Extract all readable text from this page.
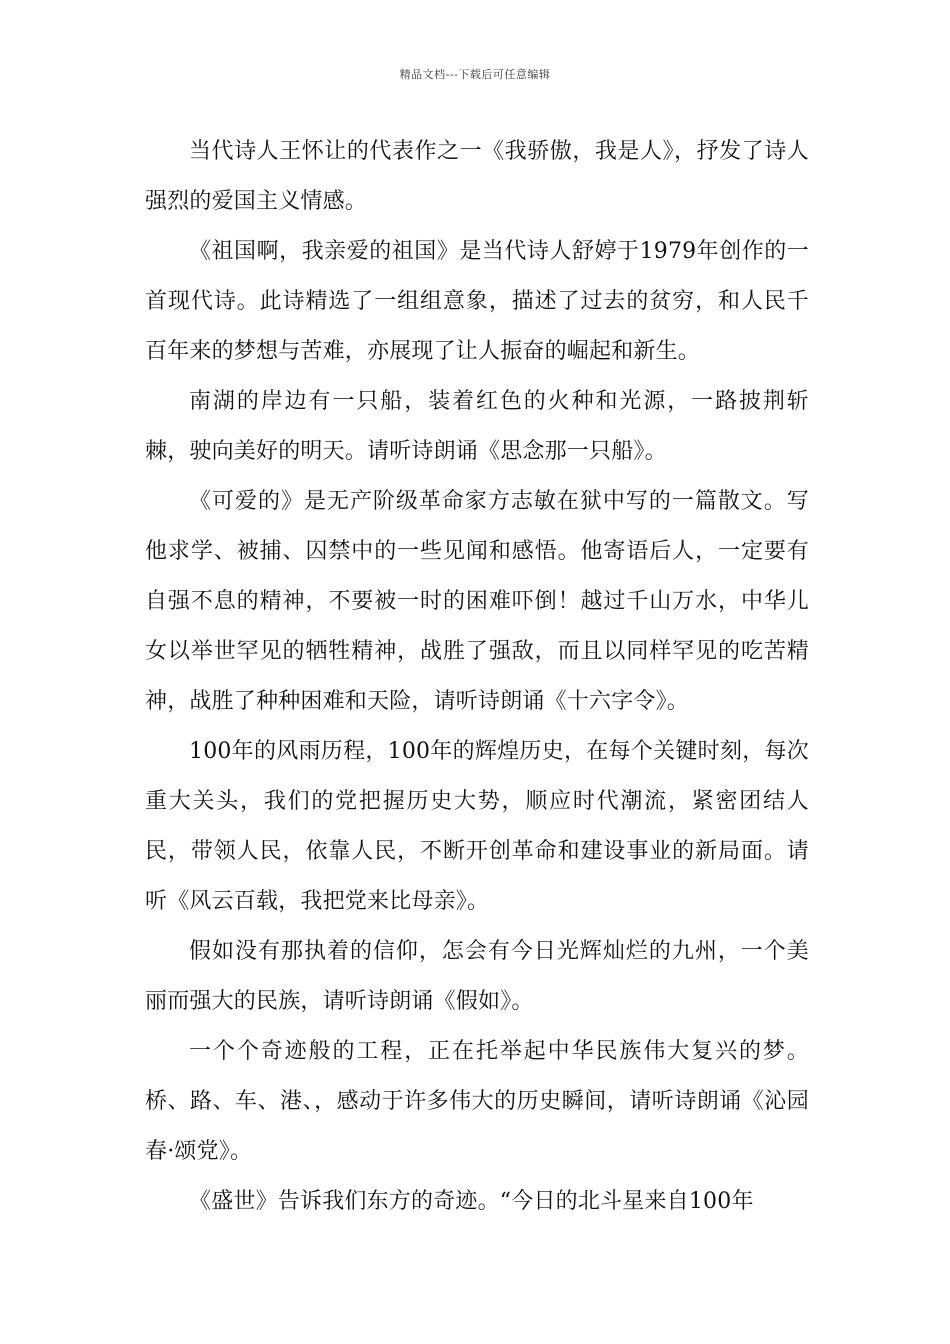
精品文档---下载后可任意编辑

当代诗人王怀让的代表作之一《我骄傲，我是人》，抒发了诗人强烈的爱国主义情感。

《祖国啊，我亲爱的祖国》是当代诗人舒婷于1979年创作的一首现代诗。此诗精选了一组组意象，描述了过去的贫穷，和人民千百年来的梦想与苦难，亦展现了让人振奋的崛起和新生。

南湖的岸边有一只船，装着红色的火种和光源，一路披荆斩棘，驶向美好的明天。请听诗朗诵《思念那一只船》。

《可爱的》是无产阶级革命家方志敏在狱中写的一篇散文。写他求学、被捕、囚禁中的一些见闻和感悟。他寄语后人，一定要有自强不息的精神，不要被一时的困难吓倒！越过千山万水，中华儿女以举世罕见的牺牲精神，战胜了强敌，而且以同样罕见的吃苦精神，战胜了种种困难和天险，请听诗朗诵《十六字令》。

100年的风雨历程，100年的辉煌历史，在每个关键时刻，每次重大关头，我们的党把握历史大势，顺应时代潮流，紧密团结人民，带领人民，依靠人民，不断开创革命和建设事业的新局面。请听《风云百载，我把党来比母亲》。

假如没有那执着的信仰，怎会有今日光辉灿烂的九州，一个美丽而强大的民族，请听诗朗诵《假如》。

一个个奇迹般的工程，正在托举起中华民族伟大复兴的梦。桥、路、车、港、，感动于许多伟大的历史瞬间，请听诗朗诵《沁园春·颂党》。

《盛世》告诉我们东方的奇迹。“今日的北斗星来自100年
